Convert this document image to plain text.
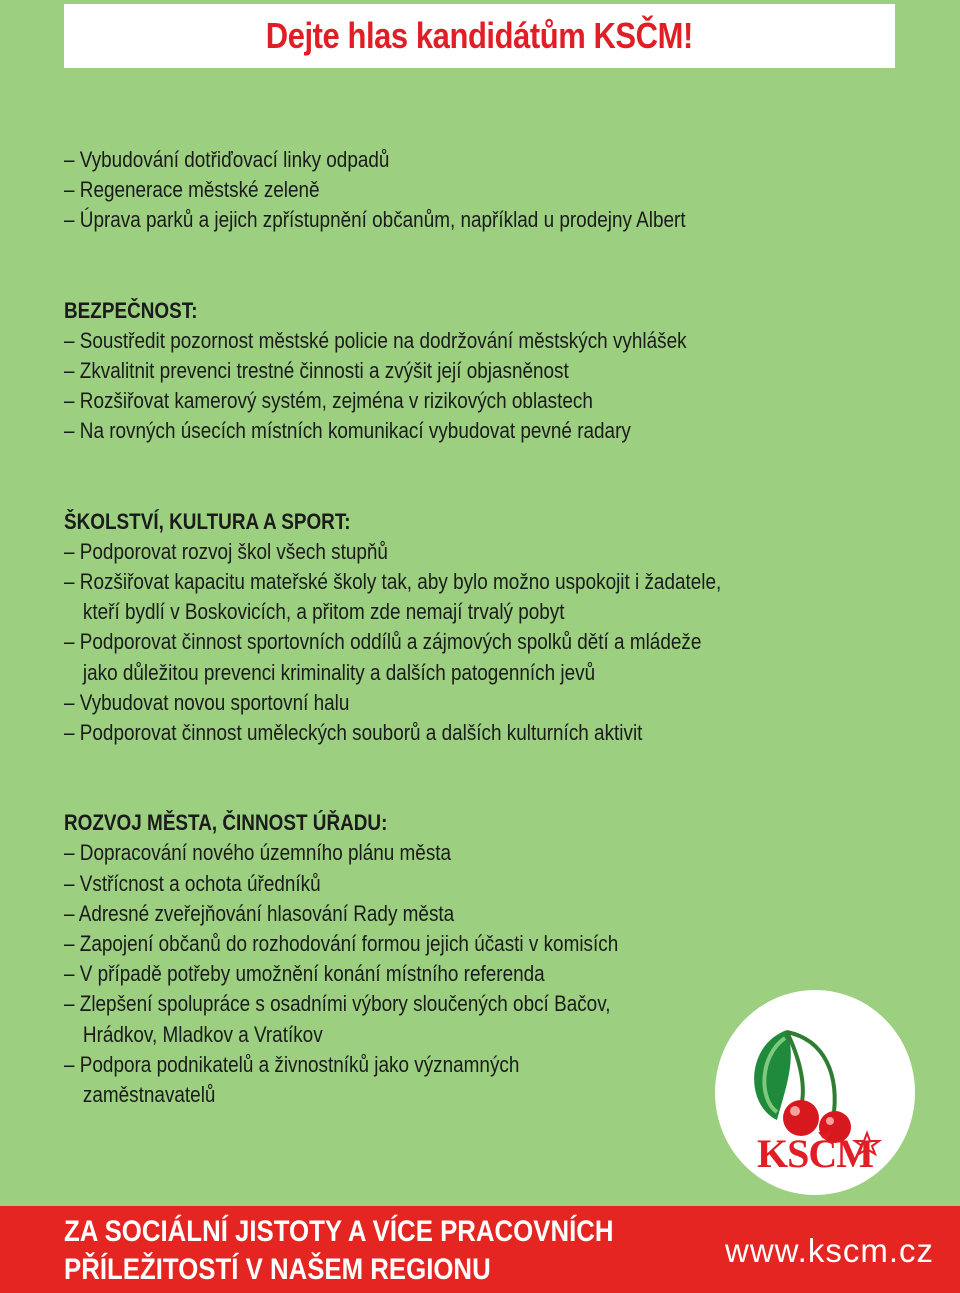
Dejte hlas kandidátům KSČM!
– Vybudování dotřiďovací linky odpadů
– Regenerace městské zeleně
– Úprava parků a jejich zpřístupnění občanům, například u prodejny Albert
BEZPEČNOST:
– Soustředit pozornost městské policie na dodržování městských vyhlášek
– Zkvalitnit prevenci trestné činnosti a zvýšit její objasněnost
– Rozšiřovat kamerový systém, zejména v rizikových oblastech
– Na rovných úsecích místních komunikací vybudovat pevné radary
ŠKOLSTVÍ, KULTURA A SPORT:
– Podporovat rozvoj škol všech stupňů
– Rozšiřovat kapacitu mateřské školy tak, aby bylo možno uspokojit i žadatele,
kteří bydlí v Boskovicích, a přitom zde nemají trvalý pobyt
– Podporovat činnost sportovních oddílů a zájmových spolků dětí a mládeže
jako důležitou prevenci kriminality a dalších patogenních jevů
– Vybudovat novou sportovní halu
– Podporovat činnost uměleckých souborů a dalších kulturních aktivit
ROZVOJ MĚSTA, ČINNOST ÚŘADU:
– Dopracování nového územního plánu města
– Vstřícnost a ochota úředníků
– Adresné zveřejňování hlasování Rady města
– Zapojení občanů do rozhodování formou jejich účasti v komisích
– V případě potřeby umožnění konání místního referenda
– Zlepšení spolupráce s osadními výbory sloučených obcí Bačov,
Hrádkov, Mladkov a Vratíkov
– Podpora podnikatelů a živnostníků jako významných
zaměstnavatelů
KSČM
ZA SOCIÁLNÍ JISTOTY A VÍCE PRACOVNÍCH
PŘÍLEŽITOSTÍ V NAŠEM REGIONU
www.kscm.cz
